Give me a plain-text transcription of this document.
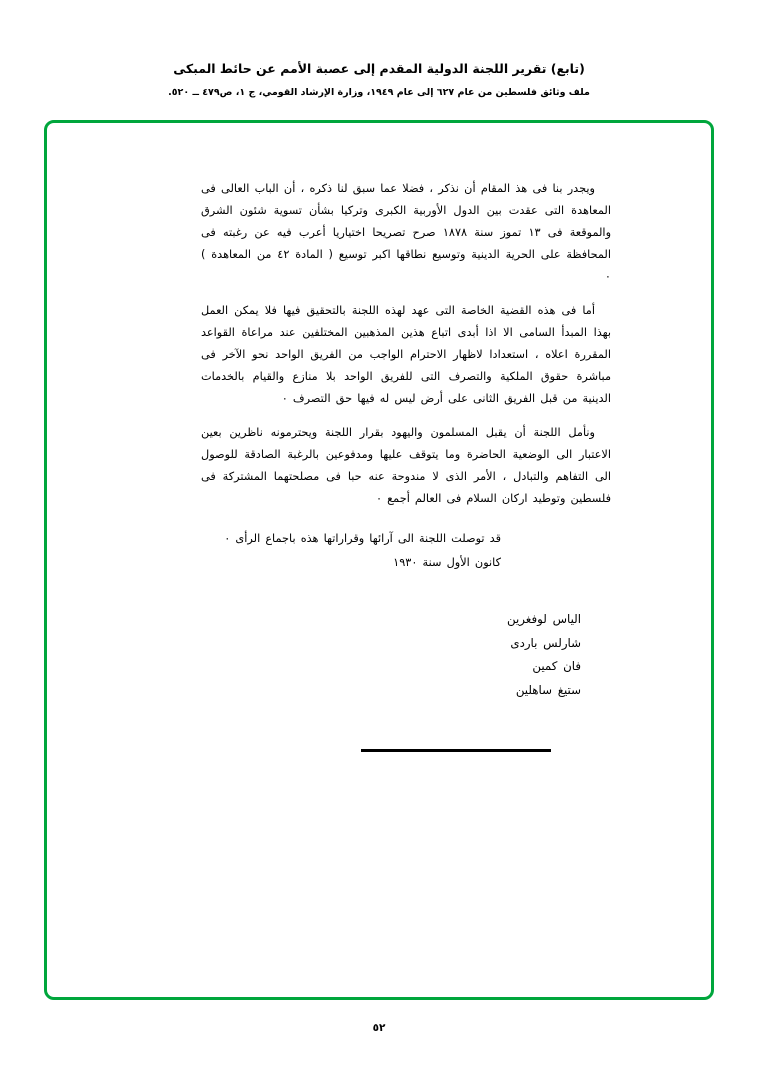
(تابع) تقرير اللجنة الدولية المقدم إلى عصبة الأمم عن حائط المبكى
ملف وثائق فلسطين من عام ٦٢٧ إلى عام ١٩٤٩، وزارة الإرشاد القومي، ج ١، ص٤٧٩ ــ ٥٢٠.

ويجدر بنا فى هذ المقام أن نذكر ، فضلا عما سبق لنا ذكره ، أن الباب العالى فى المعاهدة التى عقدت بين الدول الأوربية الكبرى وتركيا بشأن تسوية شئون الشرق والموقعة فى ١٣ تموز سنة ١٨٧٨ صرح تصريحا اختياريا أعرب فيه عن رغبته فى المحافظة على الحرية الدينية وتوسيع نطاقها اكبر توسيع ( المادة ٤٢ من المعاهدة ) ٠

أما فى هذه القضية الخاصة التى عهد لهذه اللجنة بالتحقيق فيها فلا يمكن العمل بهذا المبدأ السامى الا اذا أبدى اتباع هذين المذهبين المختلفين عند مراعاة القواعد المقررة اعلاه ، استعدادا لاظهار الاحترام الواجب من الفريق الواحد نحو الآخر فى مباشرة حقوق الملكية والتصرف التى للفريق الواحد بلا منازع والقيام بالخدمات الدينية من قبل الفريق الثانى على أرض ليس له فيها حق التصرف ٠

ونأمل اللجنة أن يقبل المسلمون واليهود بقرار اللجنة ويحترمونه ناظرين بعين الاعتبار الى الوضعية الحاضرة وما يتوقف عليها ومدفوعين بالرغبة الصادقة للوصول الى التفاهم والتبادل ، الأمر الذى لا مندوحة عنه حبا فى مصلحتهما المشتركة فى فلسطين وتوطيد اركان السلام فى العالم أجمع ٠

قد توصلت اللجنة الى آرائها وقراراتها هذه باجماع الرأى ٠

كانون الأول سنة ١٩٣٠

الياس لوفغرين
شارلس باردى
فان كمين
ستيغ ساهلين
٥٢
